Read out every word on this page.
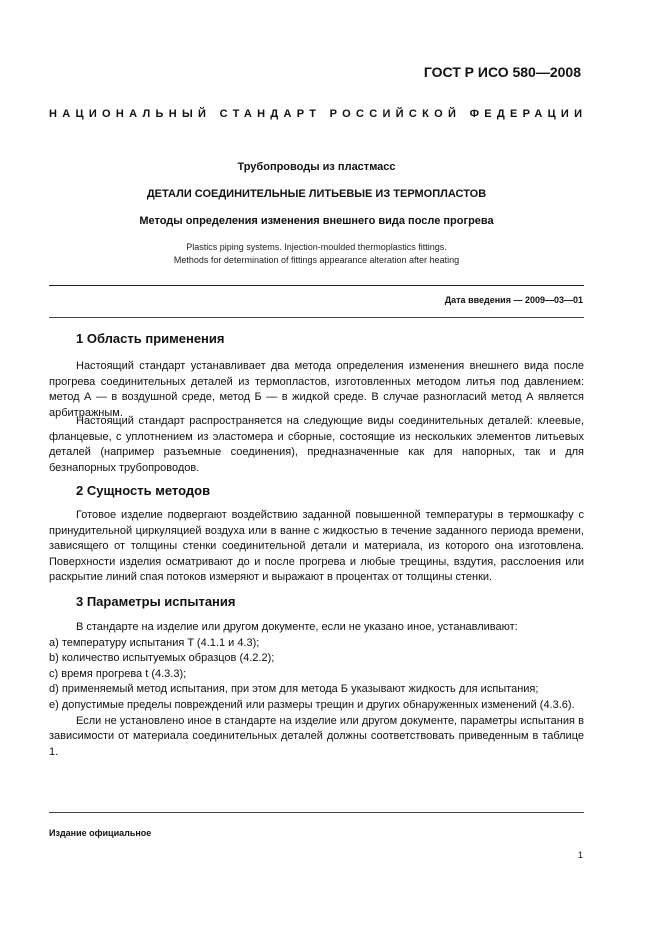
ГОСТ Р ИСО 580—2008
НАЦИОНАЛЬНЫЙ СТАНДАРТ РОССИЙСКОЙ ФЕДЕРАЦИИ
Трубопроводы из пластмасс
ДЕТАЛИ СОЕДИНИТЕЛЬНЫЕ ЛИТЬЕВЫЕ ИЗ ТЕРМОПЛАСТОВ
Методы определения изменения внешнего вида после прогрева
Plastics piping systems. Injection-moulded thermoplastics fittings.
Methods for determination of fittings appearance alteration after heating
Дата введения — 2009—03—01
1 Область применения

Настоящий стандарт устанавливает два метода определения изменения внешнего вида после прогрева соединительных деталей из термопластов, изготовленных методом литья под давлением: метод А — в воздушной среде, метод Б — в жидкой среде. В случае разногласий метод А является арбитражным.

Настоящий стандарт распространяется на следующие виды соединительных деталей: клеевые, фланцевые, с уплотнением из эластомера и сборные, состоящие из нескольких элементов литьевых деталей (например разъемные соединения), предназначенные как для напорных, так и для безнапорных трубопроводов.

2 Сущность методов

Готовое изделие подвергают воздействию заданной повышенной температуры в термошкафу с принудительной циркуляцией воздуха или в ванне с жидкостью в течение заданного периода времени, зависящего от толщины стенки соединительной детали и материала, из которого она изготовлена. Поверхности изделия осматривают до и после прогрева и любые трещины, вздутия, расслоения или раскрытие линий спая потоков измеряют и выражают в процентах от толщины стенки.

3 Параметры испытания
В стандарте на изделие или другом документе, если не указано иное, устанавливают:
a) температуру испытания T (4.1.1 и 4.3);
b) количество испытуемых образцов (4.2.2);
c) время прогрева t (4.3.3);
d) применяемый метод испытания, при этом для метода Б указывают жидкость для испытания;
e) допустимые пределы повреждений или размеры трещин и других обнаруженных изменений (4.3.6).
Если не установлено иное в стандарте на изделие или другом документе, параметры испытания в зависимости от материала соединительных деталей должны соответствовать приведенным в таблице 1.
Издание официальное
1
